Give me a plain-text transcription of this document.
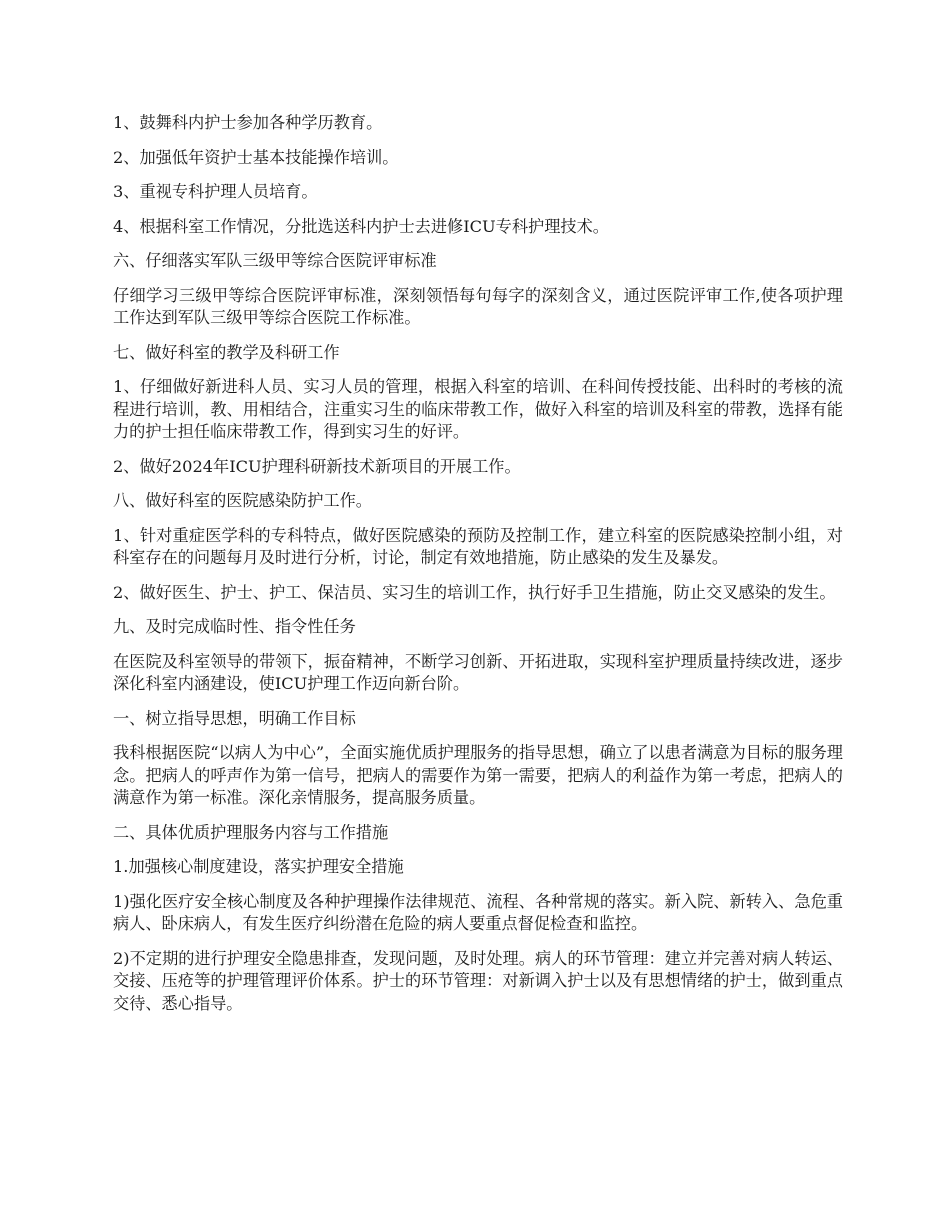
1、鼓舞科内护士参加各种学历教育。

2、加强低年资护士基本技能操作培训。

3、重视专科护理人员培育。

4、根据科室工作情况，分批选送科内护士去进修ICU专科护理技术。

六、仔细落实军队三级甲等综合医院评审标准

仔细学习三级甲等综合医院评审标准，深刻领悟每句每字的深刻含义，通过医院评审工作,使各项护理工作达到军队三级甲等综合医院工作标准。

七、做好科室的教学及科研工作

1、仔细做好新进科人员、实习人员的管理，根据入科室的培训、在科间传授技能、出科时的考核的流程进行培训，教、用相结合，注重实习生的临床带教工作，做好入科室的培训及科室的带教，选择有能力的护士担任临床带教工作，得到实习生的好评。

2、做好2024年ICU护理科研新技术新项目的开展工作。

八、做好科室的医院感染防护工作。

1、针对重症医学科的专科特点，做好医院感染的预防及控制工作，建立科室的医院感染控制小组，对科室存在的问题每月及时进行分析，讨论，制定有效地措施，防止感染的发生及暴发。

2、做好医生、护士、护工、保洁员、实习生的培训工作，执行好手卫生措施，防止交叉感染的发生。

九、及时完成临时性、指令性任务

在医院及科室领导的带领下，振奋精神，不断学习创新、开拓进取，实现科室护理质量持续改进，逐步深化科室内涵建设，使ICU护理工作迈向新台阶。

一、树立指导思想，明确工作目标

我科根据医院“以病人为中心”，全面实施优质护理服务的指导思想，确立了以患者满意为目标的服务理念。把病人的呼声作为第一信号，把病人的需要作为第一需要，把病人的利益作为第一考虑，把病人的满意作为第一标准。深化亲情服务，提高服务质量。

二、具体优质护理服务内容与工作措施

1.加强核心制度建设，落实护理安全措施

1)强化医疗安全核心制度及各种护理操作法律规范、流程、各种常规的落实。新入院、新转入、急危重病人、卧床病人，有发生医疗纠纷潜在危险的病人要重点督促检查和监控。

2)不定期的进行护理安全隐患排查，发现问题，及时处理。病人的环节管理：建立并完善对病人转运、交接、压疮等的护理管理评价体系。护士的环节管理：对新调入护士以及有思想情绪的护士，做到重点交待、悉心指导。
